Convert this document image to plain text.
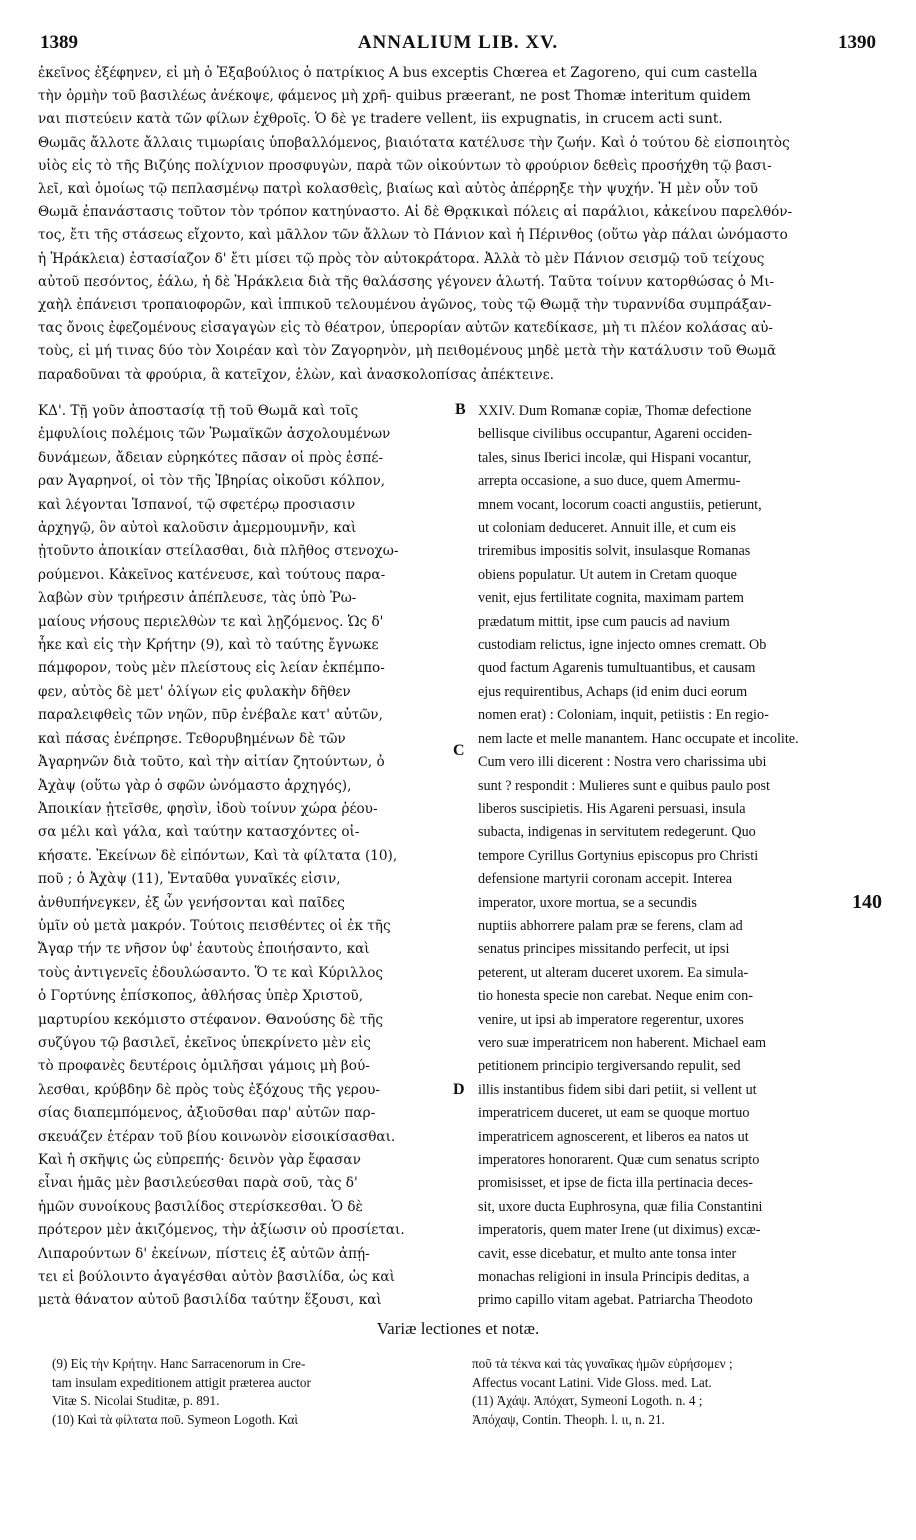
1389	ANNALIUM LIB. XV.	1390

ἐκεῖνος ἐξέφηνεν, εἰ μὴ ὁ Ἐξαβούλιος ὁ πατρίκιος A bus exceptis Chœrea et Zagoreno, qui cum castella

τὴν ὁρμὴν τοῦ βασιλέως ἀνέκοψε, φάμενος μὴ χρῆ- quibus præerant, ne post Thomæ interitum quidem

ναι πιστεύειν κατὰ τῶν φίλων ἐχθροῖς. Ὁ δὲ γε tradere vellent, iis expugnatis, in crucem acti sunt.

Θωμᾶς ἄλλοτε ἄλλαις τιμωρίαις ὑποβαλλόμενος, βιαιότατα κατέλυσε τὴν ζωήν. Καὶ ὁ τούτου δὲ εἰσποιητὸς

υἱὸς εἰς τὸ τῆς Βιζύης πολίχνιον προσφυγὼν, παρὰ τῶν οἰκούντων τὸ φρούριον δεθεὶς προσήχθη τῷ βασι-

λεῖ, καὶ ὁμοίως τῷ πεπλασμένῳ πατρὶ κολασθεὶς, βιαίως καὶ αὐτὸς ἀπέρρηξε τὴν ψυχήν. Ἡ μὲν οὖν τοῦ

Θωμᾶ ἐπανάστασις τοῦτον τὸν τρόπον κατηύναστο. Αἱ δὲ Θρᾳκικαὶ πόλεις αἱ παράλιοι, κἀκείνου παρελθόν-

τος, ἔτι τῆς στάσεως εἴχοντο, καὶ μᾶλλον τῶν ἄλλων τὸ Πάνιον καὶ ἡ Πέρινθος (οὕτω γὰρ πάλαι ὠνόμαστο

ἡ Ἡράκλεια) ἐστασίαζον δ' ἔτι μίσει τῷ πρὸς τὸν αὐτοκράτορα. Ἀλλὰ τὸ μὲν Πάνιον σεισμῷ τοῦ τείχους

αὐτοῦ πεσόντος, ἑάλω, ἡ δὲ Ἡράκλεια διὰ τῆς θαλάσσης γέγονεν ἁλωτή. Ταῦτα τοίνυν κατορθώσας ὁ Μι-

χαὴλ ἐπάνεισι τροπαιοφορῶν, καὶ ἱππικοῦ τελουμένου ἀγῶνος, τοὺς τῷ Θωμᾷ τὴν τυραννίδα συμπράξαν-

τας ὄνοις ἐφεζομένους εἰσαγαγὼν εἰς τὸ θέατρον, ὑπερορίαν αὐτῶν κατεδίκασε, μὴ τι πλέον κολάσας αὐ-

τοὺς, εἰ μή τινας δύο τὸν Χοιρέαν καὶ τὸν Ζαγορηνὸν, μὴ πειθομένους μηδὲ μετὰ τὴν κατάλυσιν τοῦ Θωμᾶ

παραδοῦναι τὰ φρούρια, ἃ κατεῖχον, ἑλὼν, καὶ ἀνασκολοπίσας ἀπέκτεινε.

B
C
D

ΚΔ'. Τῇ γοῦν ἀποστασίᾳ τῇ τοῦ Θωμᾶ καὶ τοῖς

ἐμφυλίοις πολέμοις τῶν Ῥωμαϊκῶν ἀσχολουμένων

δυνάμεων, ἄδειαν εὑρηκότες πᾶσαν οἱ πρὸς ἑσπέ-

ραν Ἀγαρηνοί, οἱ τὸν τῆς Ἰβηρίας οἰκοῦσι κόλπον,

καὶ λέγονται Ἱσπανοί, τῷ σφετέρῳ προσιασιν

ἀρχηγῷ, ὃν αὐτοὶ καλοῦσιν ἀμερμουμνῆν, καὶ

ᾐτοῦντο ἀποικίαν στείλασθαι, διὰ πλῆθος στενοχω-

ρούμενοι. Κἀκεῖνος κατένευσε, καὶ τούτους παρα-

λαβὼν σὺν τριήρεσιν ἀπέπλευσε, τὰς ὑπὸ Ῥω-

μαίους νήσους περιελθὼν τε καὶ λῃζόμενος. Ὡς δ'

ἧκε καὶ εἰς τὴν Κρήτην (9), καὶ τὸ ταύτης ἔγνωκε

πάμφορον, τοὺς μὲν πλείστους εἰς λείαν ἐκπέμπο-

φεν, αὐτὸς δὲ μετ' ὀλίγων εἰς φυλακὴν δῆθεν

παραλειφθεὶς τῶν νηῶν, πῦρ ἐνέβαλε κατ' αὐτῶν,

καὶ πάσας ἐνέπρησε. Τεθορυβημένων δὲ τῶν

Ἀγαρηνῶν διὰ τοῦτο, καὶ τὴν αἰτίαν ζητούντων, ὁ

Ἀχὰψ (οὕτω γὰρ ὁ σφῶν ὠνόμαστο ἀρχηγός),

Ἀποικίαν ᾐτεῖσθε, φησὶν, ἰδοὺ τοίνυν χώρα ῥέου-

σα μέλι καὶ γάλα, καὶ ταύτην κατασχόντες οἰ-

κήσατε. Ἐκείνων δὲ εἰπόντων, Καὶ τὰ φίλτατα (10),

ποῦ ; ὁ Ἀχὰψ (11), Ἐνταῦθα γυναῖκές εἰσιν,

ἀνθυπήνεγκεν, ἐξ ὧν γενήσονται καὶ παῖδες

ὑμῖν οὐ μετὰ μακρόν. Τούτοις πεισθέντες οἱ ἐκ τῆς

Ἄγαρ τήν τε νῆσον ὑφ' ἑαυτοὺς ἐποιήσαντο, καὶ

τοὺς ἀντιγενεῖς ἐδουλώσαντο. Ὅ τε καὶ Κύριλλος

ὁ Γορτύνης ἐπίσκοπος, ἀθλήσας ὑπὲρ Χριστοῦ,

μαρτυρίου κεκόμιστο στέφανον. Θανούσης δὲ τῆς

συζύγου τῷ βασιλεῖ, ἐκεῖνος ὑπεκρίνετο μὲν εἰς

τὸ προφανὲς δευτέροις ὁμιλῆσαι γάμοις μὴ βού-

λεσθαι, κρύβδην δὲ πρὸς τοὺς ἐξόχους τῆς γερου-

σίας διαπεμπόμενος, ἀξιοῦσθαι παρ' αὐτῶν παρ-

σκευάζεν ἑτέραν τοῦ βίου κοινωνὸν εἰσοικίσασθαι.

Καὶ ἡ σκῆψις ὡς εὐπρεπής· δεινὸν γὰρ ἔφασαν

εἶναι ἡμᾶς μὲν βασιλεύεσθαι παρὰ σοῦ, τὰς δ'

ἡμῶν συνοίκους βασιλίδος στερίσκεσθαι. Ὁ δὲ

πρότερον μὲν ἀκιζόμενος, τὴν ἀξίωσιν οὐ προσίεται.

Λιπαρούντων δ' ἐκείνων, πίστεις ἐξ αὐτῶν ἀπῄ-

τει εἰ βούλοιντο ἀγαγέσθαι αὐτὸν βασιλίδα, ὡς καὶ

μετὰ θάνατον αὐτοῦ βασιλίδα ταύτην ἕξουσι, καὶ

XXIV. Dum Romanæ copiæ, Thomæ defectione

bellisque civilibus occupantur, Agareni occiden-

tales, sinus Iberici incolæ, qui Hispani vocantur,

arrepta occasione, a suo duce, quem Amermu-

mnem vocant, locorum coacti angustiis, petierunt,

ut coloniam deduceret. Annuit ille, et cum eis

triremibus impositis solvit, insulasque Romanas

obiens populatur. Ut autem in Cretam quoque

venit, ejus fertilitate cognita, maximam partem

prædatum mittit, ipse cum paucis ad navium

custodiam relictus, igne injecto omnes crematt. Ob

quod factum Agarenis tumultuantibus, et causam

ejus requirentibus, Achaps (id enim duci eorum

nomen erat) : Coloniam, inquit, petiistis : En regio-

nem lacte et melle manantem. Hanc occupate et incolite.

Cum vero illi dicerent : Nostra vero charissima ubi

sunt ? respondit : Mulieres sunt e quibus paulo post

liberos suscipietis. His Agareni persuasi, insula

subacta, indigenas in servitutem redegerunt. Quo

tempore Cyrillus Gortynius episcopus pro Christi

defensione martyrii coronam accepit. Interea

140
imperator, uxore mortua, se a secundis

nuptiis abhorrere palam præ se ferens, clam ad

senatus principes missitando perfecit, ut ipsi

peterent, ut alteram duceret uxorem. Ea simula-

tio honesta specie non carebat. Neque enim con-

venire, ut ipsi ab imperatore regerentur, uxores

vero suæ imperatricem non haberent. Michael eam

petitionem principio tergiversando repulit, sed

illis instantibus fidem sibi dari petiit, si vellent ut

imperatricem duceret, ut eam se quoque mortuo

imperatricem agnoscerent, et liberos ea natos ut

imperatores honorarent. Quæ cum senatus scripto

promisisset, et ipse de ficta illa pertinacia deces-

sit, uxore ducta Euphrosyna, quæ filia Constantini

imperatoris, quem mater Irene (ut diximus) excæ-

cavit, esse dicebatur, et multo ante tonsa inter

monachas religioni in insula Principis deditas, a

primo capillo vitam agebat. Patriarcha Theodoto

Variæ lectiones et notæ.

(9) Εἰς τὴν Κρήτην. Hanc Sarracenorum in Cre-

tam insulam expeditionem attigit præterea auctor

Vitæ S. Nicolai Studitæ, p. 891.

(10) Καὶ τὰ φίλτατα ποῦ. Symeon Logoth. Καὶ

ποῦ τὰ τέκνα καὶ τὰς γυναῖκας ἡμῶν εὑρήσομεν ;

Affectus vocant Latini. Vide Gloss. med. Lat.

(11) Ἀχάψ. Ἀπόχατ, Symeoni Logoth. n. 4 ;

Ἀπόχαψ, Contin. Theoph. l. ιι, n. 21.
